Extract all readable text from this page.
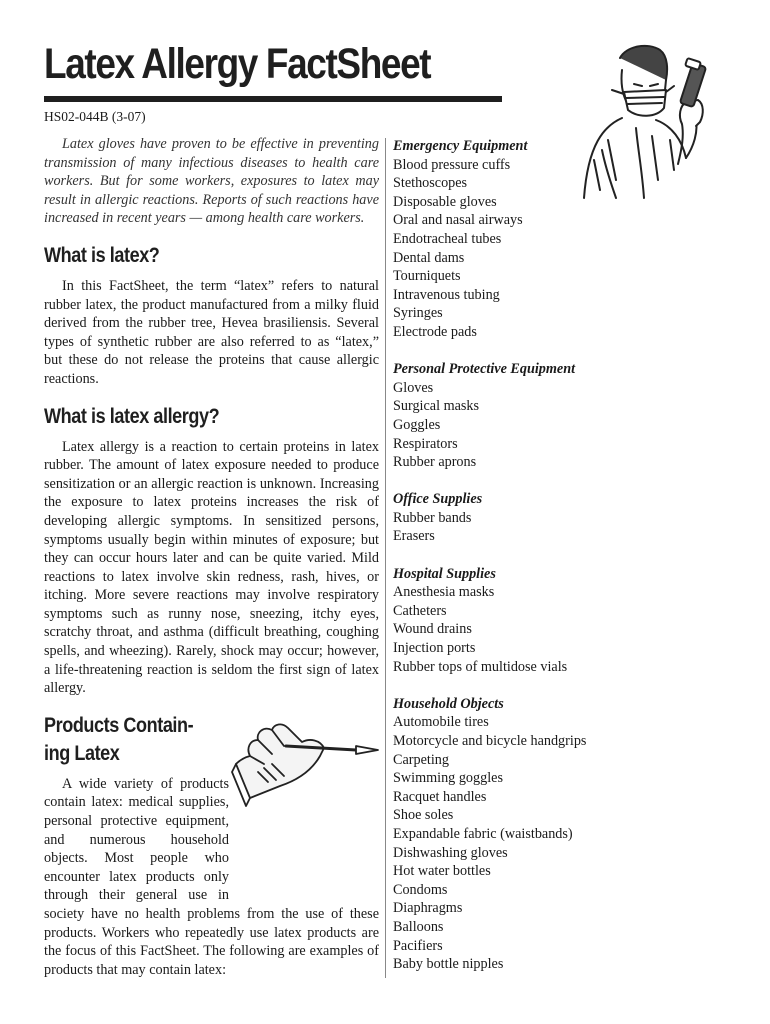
Latex Allergy FactSheet
HS02-044B (3-07)

Latex gloves have proven to be effective in preventing transmission of many infectious diseases to health care workers. But for some workers, exposures to latex may result in allergic reactions. Reports of such reactions have increased in recent years — among health care workers.

What is latex?

In this FactSheet, the term “latex” refers to natural rubber latex, the product manufactured from a milky fluid derived from the rubber tree, Hevea brasiliensis. Several types of synthetic rubber are also referred to as “latex,” but these do not release the proteins that cause allergic reactions.

What is latex allergy?

Latex allergy is a reaction to certain proteins in latex rubber. The amount of latex exposure needed to produce sensitization or an allergic reaction is unknown. Increasing the exposure to latex proteins increases the risk of developing allergic symptoms. In sensitized persons, symptoms usually begin within minutes of exposure; but they can occur hours later and can be quite varied. Mild reactions to latex involve skin redness, rash, hives, or itching. More severe reactions may involve respiratory symptoms such as runny nose, sneezing, itchy eyes, scratchy throat, and asthma (difficult breathing, coughing spells, and wheezing). Rarely, shock may occur; however, a life-threatening reaction is seldom the first sign of latex allergy.

Products Contain-
ing Latex

A wide variety of products contain latex: medical supplies, personal protective equipment, and numerous household objects. Most people who encounter latex products only through their general use in society have no health problems from the use of these products. Workers who repeatedly use latex products are the focus of this FactSheet. The following are examples of products that may contain latex:

Emergency Equipment
Blood pressure cuffs
Stethoscopes
Disposable gloves
Oral and nasal airways
Endotracheal tubes
Dental dams
Tourniquets
Intravenous tubing
Syringes
Electrode pads
Personal Protective Equipment
Gloves
Surgical masks
Goggles
Respirators
Rubber aprons
Office Supplies
Rubber bands
Erasers
Hospital Supplies
Anesthesia masks
Catheters
Wound drains
Injection ports
Rubber tops of multidose vials
Household Objects
Automobile tires
Motorcycle and bicycle handgrips
Carpeting
Swimming goggles
Racquet handles
Shoe soles
Expandable fabric (waistbands)
Dishwashing gloves
Hot water bottles
Condoms
Diaphragms
Balloons
Pacifiers
Baby bottle nipples
